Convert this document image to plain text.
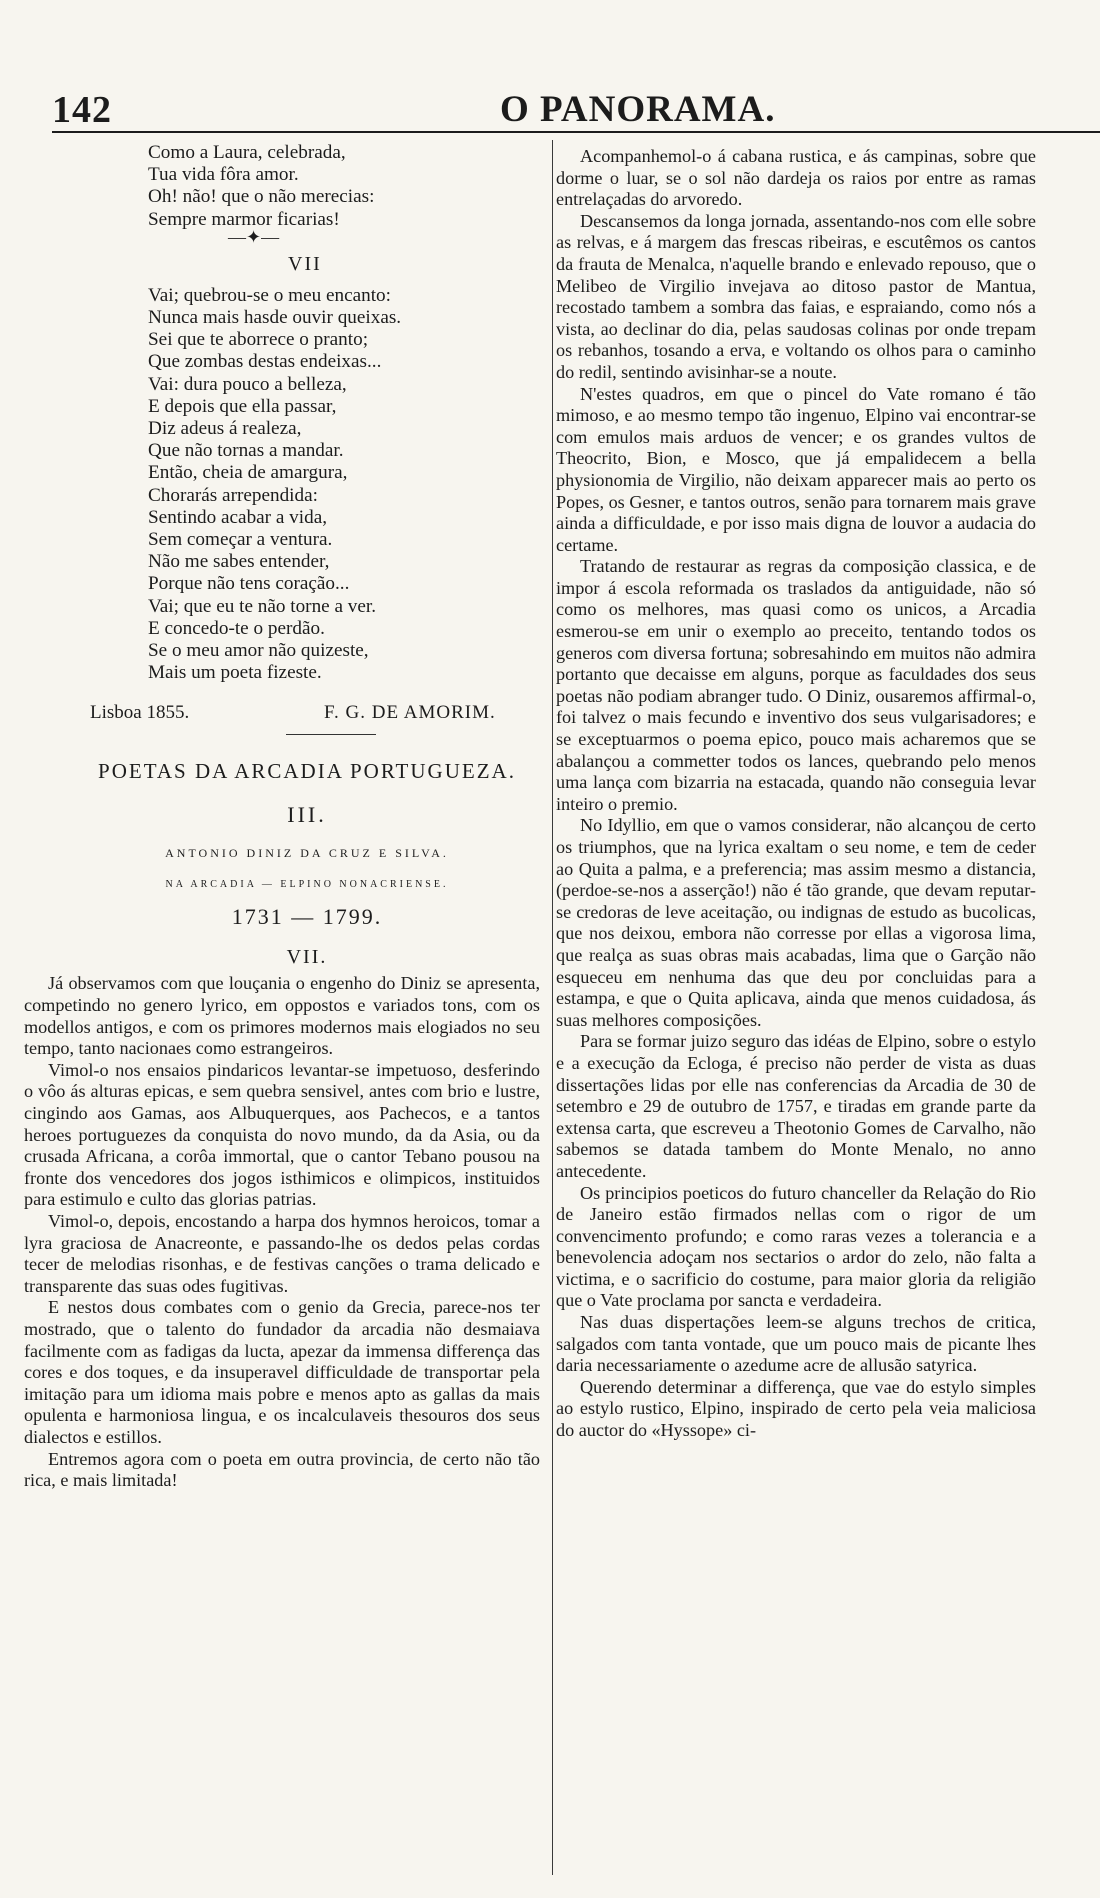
142	O PANORAMA.
Como a Laura, celebrada,
Tua vida fôra amor.
Oh! não! que o não merecias:
Sempre marmor ficarias!
—✦—
VII
Vai; quebrou-se o meu encanto:
Nunca mais hasde ouvir queixas.
Sei que te aborrece o pranto;
Que zombas destas endeixas...
Vai: dura pouco a belleza,
E depois que ella passar,
Diz adeus á realeza,
Que não tornas a mandar.
Então, cheia de amargura,
Chorarás arrependida:
Sentindo acabar a vida,
Sem começar a ventura.
Não me sabes entender,
Porque não tens coração...
Vai; que eu te não torne a ver.
E concedo-te o perdão.
Se o meu amor não quizeste,
Mais um poeta fizeste.
Lisboa 1855.	F. G. DE AMORIM.
POETAS DA ARCADIA PORTUGUEZA.
III.
ANTONIO DINIZ DA CRUZ E SILVA.
NA ARCADIA — ELPINO NONACRIENSE.
1731 — 1799.
VII.

Já observamos com que louçania o engenho do Diniz se apresenta, competindo no genero lyrico, em oppostos e variados tons, com os modellos antigos, e com os primores modernos mais elogiados no seu tempo, tanto nacionaes como estrangeiros.

Vimol-o nos ensaios pindaricos levantar-se impetuoso, desferindo o vôo ás alturas epicas, e sem quebra sensivel, antes com brio e lustre, cingindo aos Gamas, aos Albuquerques, aos Pachecos, e a tantos heroes portuguezes da conquista do novo mundo, da da Asia, ou da crusada Africana, a corôa immortal, que o cantor Tebano pousou na fronte dos vencedores dos jogos isthimicos e olimpicos, instituidos para estimulo e culto das glorias patrias.

Vimol-o, depois, encostando a harpa dos hymnos heroicos, tomar a lyra graciosa de Anacreonte, e passando-lhe os dedos pelas cordas tecer de melodias risonhas, e de festivas canções o trama delicado e transparente das suas odes fugitivas.

E nestos dous combates com o genio da Grecia, parece-nos ter mostrado, que o talento do fundador da arcadia não desmaiava facilmente com as fadigas da lucta, apezar da immensa differença das cores e dos toques, e da insuperavel difficuldade de transportar pela imitação para um idioma mais pobre e menos apto as gallas da mais opulenta e harmoniosa lingua, e os incalculaveis thesouros dos seus dialectos e estillos.

Entremos agora com o poeta em outra provincia, de certo não tão rica, e mais limitada!

Acompanhemol-o á cabana rustica, e ás campinas, sobre que dorme o luar, se o sol não dardeja os raios por entre as ramas entrelaçadas do arvoredo.

Descansemos da longa jornada, assentando-nos com elle sobre as relvas, e á margem das frescas ribeiras, e escutêmos os cantos da frauta de Menalca, n'aquelle brando e enlevado repouso, que o Melibeo de Virgilio invejava ao ditoso pastor de Mantua, recostado tambem a sombra das faias, e espraiando, como nós a vista, ao declinar do dia, pelas saudosas colinas por onde trepam os rebanhos, tosando a erva, e voltando os olhos para o caminho do redil, sentindo avisinhar-se a noute.

N'estes quadros, em que o pincel do Vate romano é tão mimoso, e ao mesmo tempo tão ingenuo, Elpino vai encontrar-se com emulos mais arduos de vencer; e os grandes vultos de Theocrito, Bion, e Mosco, que já empalidecem a bella physionomia de Virgilio, não deixam apparecer mais ao perto os Popes, os Gesner, e tantos outros, senão para tornarem mais grave ainda a difficuldade, e por isso mais digna de louvor a audacia do certame.

Tratando de restaurar as regras da composição classica, e de impor á escola reformada os traslados da antiguidade, não só como os melhores, mas quasi como os unicos, a Arcadia esmerou-se em unir o exemplo ao preceito, tentando todos os generos com diversa fortuna; sobresahindo em muitos não admira portanto que decaisse em alguns, porque as faculdades dos seus poetas não podiam abranger tudo. O Diniz, ousaremos affirmal-o, foi talvez o mais fecundo e inventivo dos seus vulgarisadores; e se exceptuarmos o poema epico, pouco mais acharemos que se abalançou a commetter todos os lances, quebrando pelo menos uma lança com bizarria na estacada, quando não conseguia levar inteiro o premio.

No Idyllio, em que o vamos considerar, não alcançou de certo os triumphos, que na lyrica exaltam o seu nome, e tem de ceder ao Quita a palma, e a preferencia; mas assim mesmo a distancia, (perdoe-se-nos a asserção!) não é tão grande, que devam reputar-se credoras de leve aceitação, ou indignas de estudo as bucolicas, que nos deixou, embora não corresse por ellas a vigorosa lima, que realça as suas obras mais acabadas, lima que o Garção não esqueceu em nenhuma das que deu por concluidas para a estampa, e que o Quita aplicava, ainda que menos cuidadosa, ás suas melhores composições.

Para se formar juizo seguro das idéas de Elpino, sobre o estylo e a execução da Ecloga, é preciso não perder de vista as duas dissertações lidas por elle nas conferencias da Arcadia de 30 de setembro e 29 de outubro de 1757, e tiradas em grande parte da extensa carta, que escreveu a Theotonio Gomes de Carvalho, não sabemos se datada tambem do Monte Menalo, no anno antecedente.

Os principios poeticos do futuro chanceller da Relação do Rio de Janeiro estão firmados nellas com o rigor de um convencimento profundo; e como raras vezes a tolerancia e a benevolencia adoçam nos sectarios o ardor do zelo, não falta a victima, e o sacrificio do costume, para maior gloria da religião que o Vate proclama por sancta e verdadeira.

Nas duas dispertações leem-se alguns trechos de critica, salgados com tanta vontade, que um pouco mais de picante lhes daria necessariamente o azedume acre de allusão satyrica.

Querendo determinar a differença, que vae do estylo simples ao estylo rustico, Elpino, inspirado de certo pela veia maliciosa do auctor do «Hyssope» ci-
